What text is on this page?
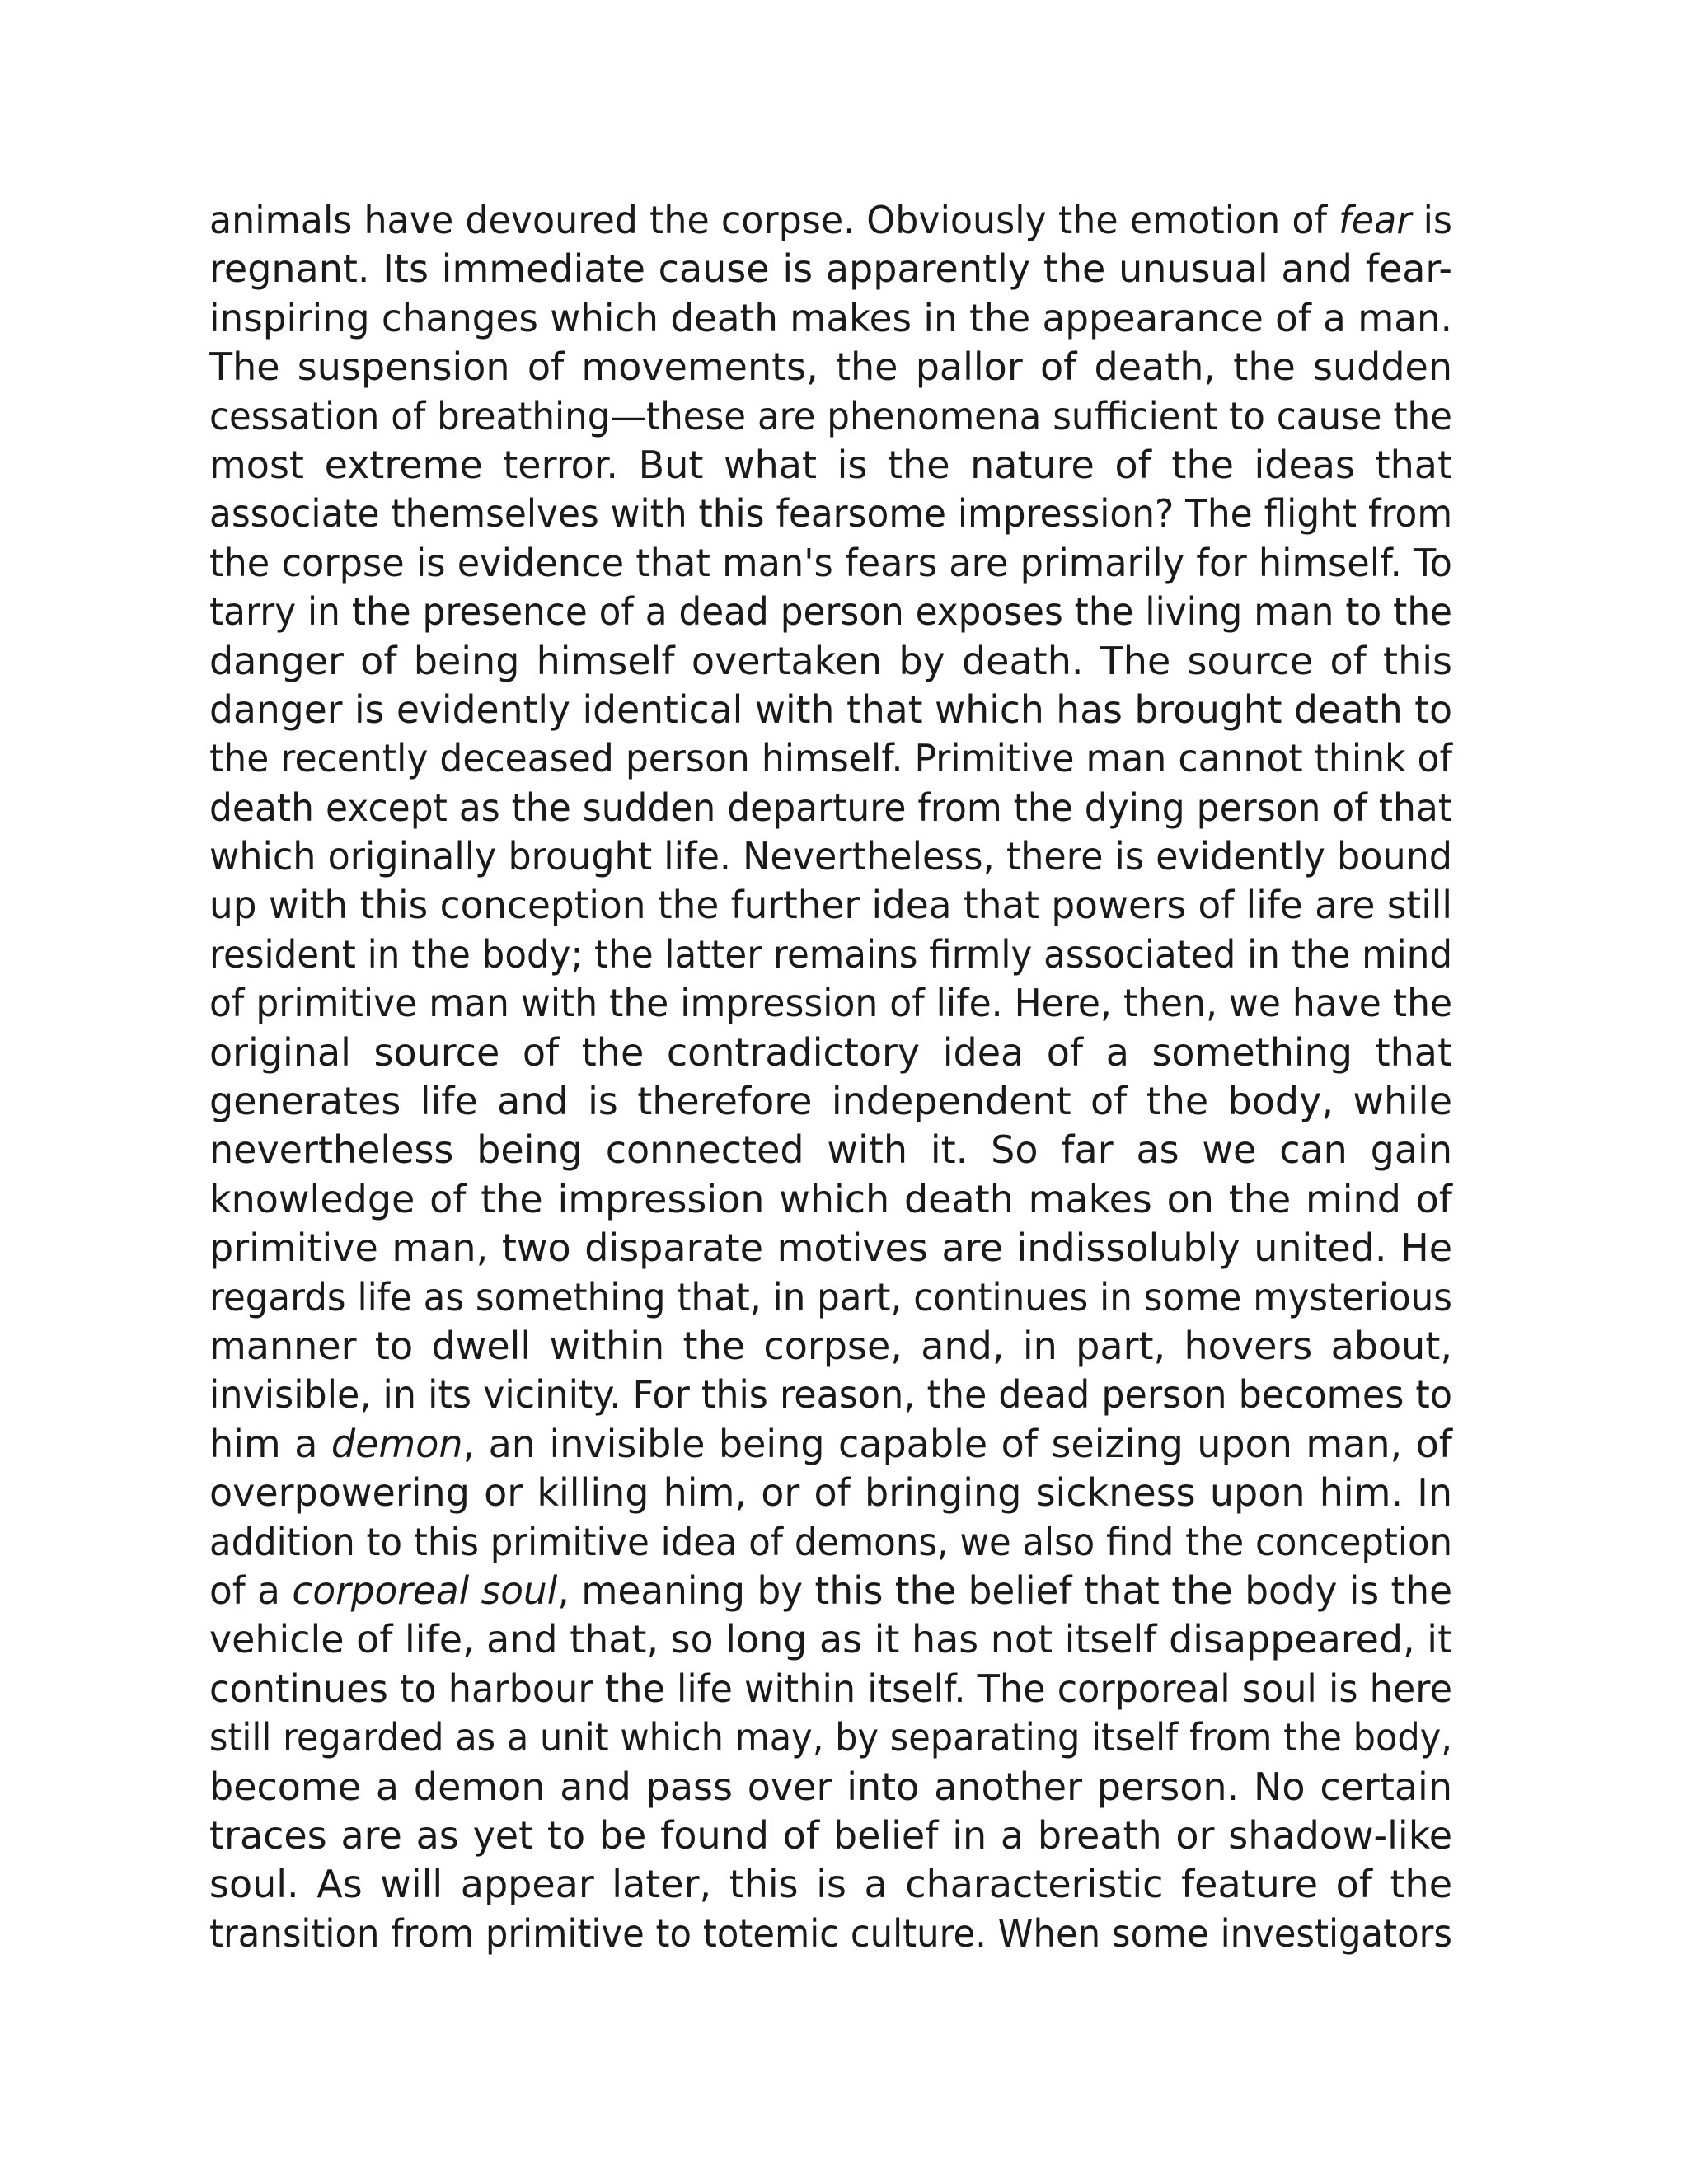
animals have devoured the corpse. Obviously the emotion of fear is
regnant. Its immediate cause is apparently the unusual and fear-
inspiring changes which death makes in the appearance of a man.
The suspension of movements, the pallor of death, the sudden
cessation of breathing—these are phenomena sufficient to cause the
most extreme terror. But what is the nature of the ideas that
associate themselves with this fearsome impression? The flight from
the corpse is evidence that man's fears are primarily for himself. To
tarry in the presence of a dead person exposes the living man to the
danger of being himself overtaken by death. The source of this
danger is evidently identical with that which has brought death to
the recently deceased person himself. Primitive man cannot think of
death except as the sudden departure from the dying person of that
which originally brought life. Nevertheless, there is evidently bound
up with this conception the further idea that powers of life are still
resident in the body; the latter remains firmly associated in the mind
of primitive man with the impression of life. Here, then, we have the
original source of the contradictory idea of a something that
generates life and is therefore independent of the body, while
nevertheless being connected with it. So far as we can gain
knowledge of the impression which death makes on the mind of
primitive man, two disparate motives are indissolubly united. He
regards life as something that, in part, continues in some mysterious
manner to dwell within the corpse, and, in part, hovers about,
invisible, in its vicinity. For this reason, the dead person becomes to
him a demon, an invisible being capable of seizing upon man, of
overpowering or killing him, or of bringing sickness upon him. In
addition to this primitive idea of demons, we also find the conception
of a corporeal soul, meaning by this the belief that the body is the
vehicle of life, and that, so long as it has not itself disappeared, it
continues to harbour the life within itself. The corporeal soul is here
still regarded as a unit which may, by separating itself from the body,
become a demon and pass over into another person. No certain
traces are as yet to be found of belief in a breath or shadow-like
soul. As will appear later, this is a characteristic feature of the
transition from primitive to totemic culture. When some investigators
